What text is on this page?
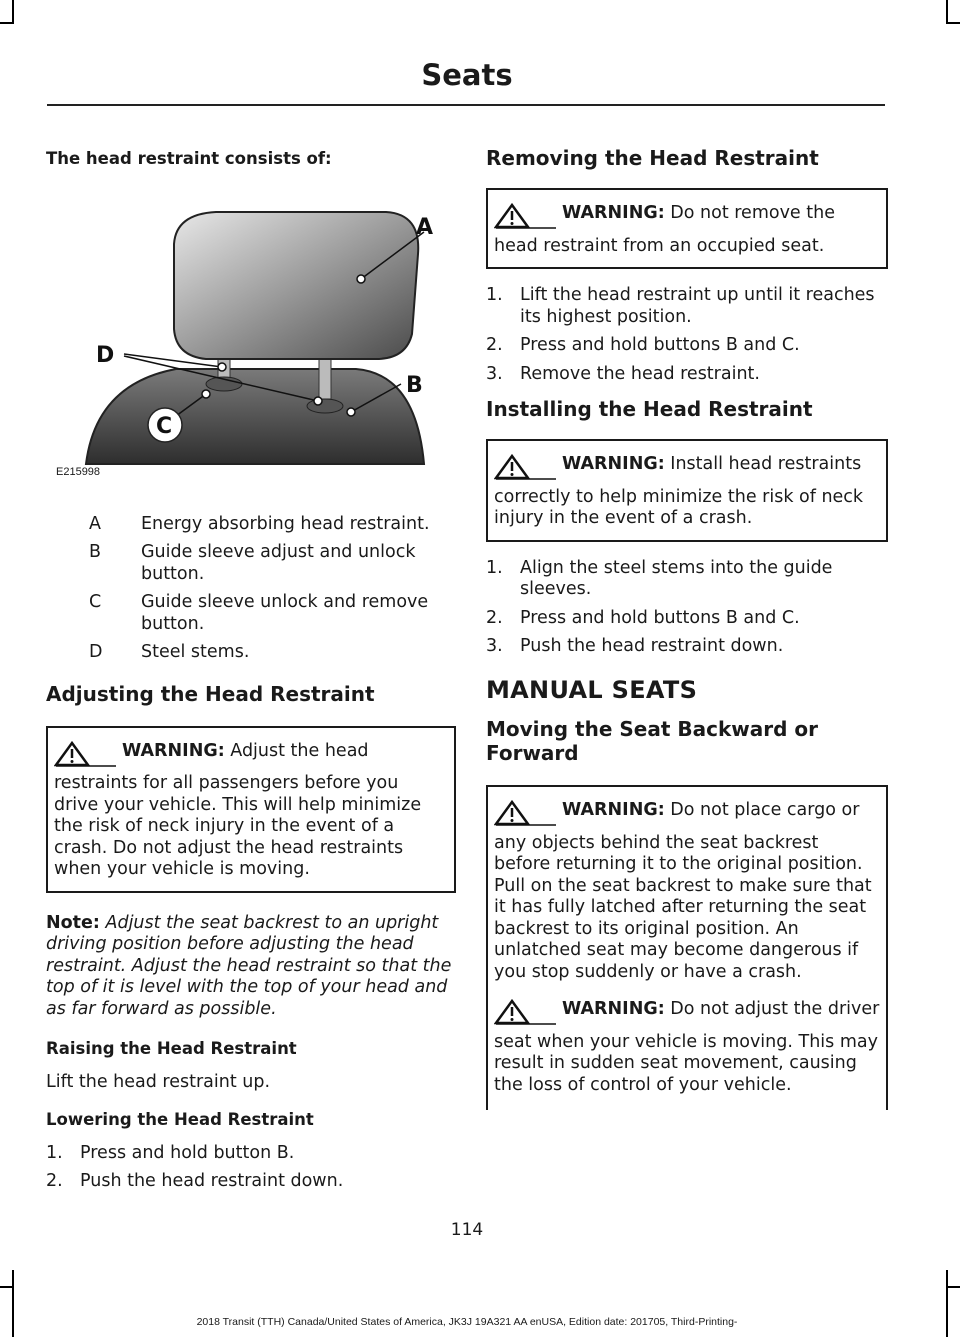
Seats

The head restraint consists of:

A
B
C
D
E215998
A	Energy absorbing head restraint.
B	Guide sleeve adjust and unlock button.
C	Guide sleeve unlock and remove button.
D	Steel stems.

Adjusting the Head Restraint

WARNING: Adjust the head restraints for all passengers before you drive your vehicle. This will help minimize the risk of neck injury in the event of a crash. Do not adjust the head restraints when your vehicle is moving.

Note: Adjust the seat backrest to an upright driving position before adjusting the head restraint. Adjust the head restraint so that the top of it is level with the top of your head and as far forward as possible.

Raising the Head Restraint

Lift the head restraint up.

Lowering the Head Restraint

1. Press and hold button B.
2. Push the head restraint down.

Removing the Head Restraint

WARNING: Do not remove the head restraint from an occupied seat.
1. Lift the head restraint up until it reaches its highest position.
2. Press and hold buttons B and C.
3. Remove the head restraint.

Installing the Head Restraint

WARNING: Install head restraints correctly to help minimize the risk of neck injury in the event of a crash.
1. Align the steel stems into the guide sleeves.
2. Press and hold buttons B and C.
3. Push the head restraint down.

MANUAL SEATS

Moving the Seat Backward or Forward

WARNING: Do not place cargo or any objects behind the seat backrest before returning it to the original position. Pull on the seat backrest to make sure that it has fully latched after returning the seat backrest to its original position. An unlatched seat may become dangerous if you stop suddenly or have a crash.
WARNING: Do not adjust the driver seat when your vehicle is moving. This may result in sudden seat movement, causing the loss of control of your vehicle.
114
2018 Transit (TTH) Canada/United States of America, JK3J 19A321 AA enUSA, Edition date: 201705, Third-Printing-
